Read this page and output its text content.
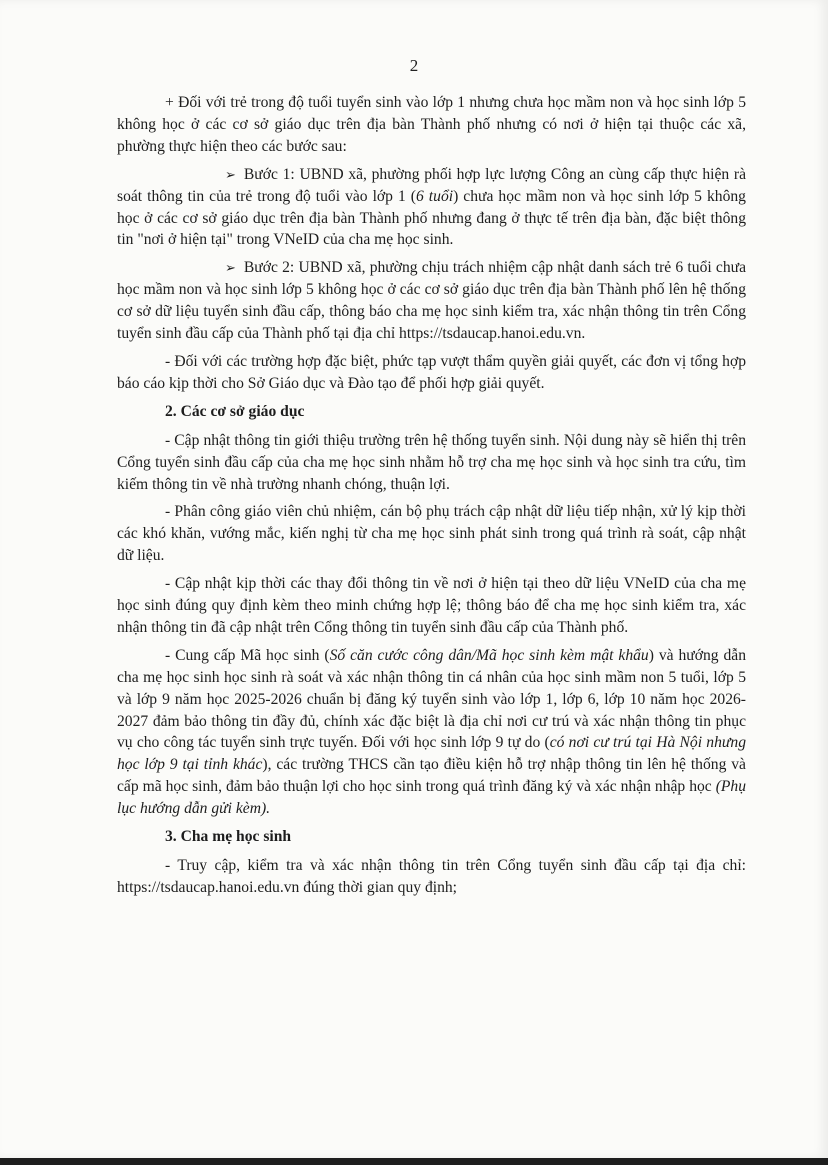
2

+ Đối với trẻ trong độ tuổi tuyển sinh vào lớp 1 nhưng chưa học mầm non và học sinh lớp 5 không học ở các cơ sở giáo dục trên địa bàn Thành phố nhưng có nơi ở hiện tại thuộc các xã, phường thực hiện theo các bước sau:

➢ Bước 1: UBND xã, phường phối hợp lực lượng Công an cùng cấp thực hiện rà soát thông tin của trẻ trong độ tuổi vào lớp 1 (6 tuổi) chưa học mầm non và học sinh lớp 5 không học ở các cơ sở giáo dục trên địa bàn Thành phố nhưng đang ở thực tế trên địa bàn, đặc biệt thông tin "nơi ở hiện tại" trong VNeID của cha mẹ học sinh.

➢ Bước 2: UBND xã, phường chịu trách nhiệm cập nhật danh sách trẻ 6 tuổi chưa học mầm non và học sinh lớp 5 không học ở các cơ sở giáo dục trên địa bàn Thành phố lên hệ thống cơ sở dữ liệu tuyển sinh đầu cấp, thông báo cha mẹ học sinh kiểm tra, xác nhận thông tin trên Cổng tuyển sinh đầu cấp của Thành phố tại địa chỉ https://tsdaucap.hanoi.edu.vn.

- Đối với các trường hợp đặc biệt, phức tạp vượt thẩm quyền giải quyết, các đơn vị tổng hợp báo cáo kịp thời cho Sở Giáo dục và Đào tạo để phối hợp giải quyết.

2. Các cơ sở giáo dục

- Cập nhật thông tin giới thiệu trường trên hệ thống tuyển sinh. Nội dung này sẽ hiển thị trên Cổng tuyển sinh đầu cấp của cha mẹ học sinh nhằm hỗ trợ cha mẹ học sinh và học sinh tra cứu, tìm kiếm thông tin về nhà trường nhanh chóng, thuận lợi.

- Phân công giáo viên chủ nhiệm, cán bộ phụ trách cập nhật dữ liệu tiếp nhận, xử lý kịp thời các khó khăn, vướng mắc, kiến nghị từ cha mẹ học sinh phát sinh trong quá trình rà soát, cập nhật dữ liệu.

- Cập nhật kịp thời các thay đổi thông tin về nơi ở hiện tại theo dữ liệu VNeID của cha mẹ học sinh đúng quy định kèm theo minh chứng hợp lệ; thông báo để cha mẹ học sinh kiểm tra, xác nhận thông tin đã cập nhật trên Cổng thông tin tuyển sinh đầu cấp của Thành phố.

- Cung cấp Mã học sinh (Số căn cước công dân/Mã học sinh kèm mật khẩu) và hướng dẫn cha mẹ học sinh học sinh rà soát và xác nhận thông tin cá nhân của học sinh mầm non 5 tuổi, lớp 5 và lớp 9 năm học 2025-2026 chuẩn bị đăng ký tuyển sinh vào lớp 1, lớp 6, lớp 10 năm học 2026-2027 đảm bảo thông tin đầy đủ, chính xác đặc biệt là địa chỉ nơi cư trú và xác nhận thông tin phục vụ cho công tác tuyển sinh trực tuyến. Đối với học sinh lớp 9 tự do (có nơi cư trú tại Hà Nội nhưng học lớp 9 tại tỉnh khác), các trường THCS cần tạo điều kiện hỗ trợ nhập thông tin lên hệ thống và cấp mã học sinh, đảm bảo thuận lợi cho học sinh trong quá trình đăng ký và xác nhận nhập học (Phụ lục hướng dẫn gửi kèm).

3. Cha mẹ học sinh

- Truy cập, kiểm tra và xác nhận thông tin trên Cổng tuyển sinh đầu cấp tại địa chỉ: https://tsdaucap.hanoi.edu.vn đúng thời gian quy định;
